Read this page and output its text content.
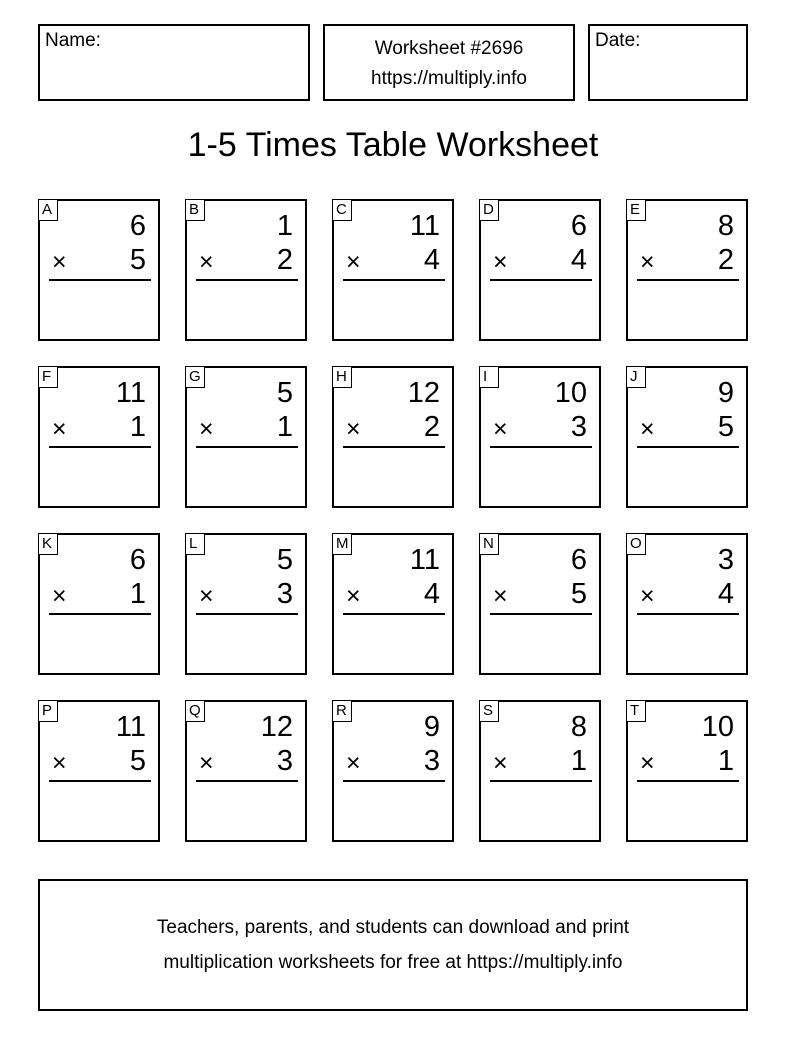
Name:	Worksheet #2696
https://multiply.info
Date:
1-5 Times Table Worksheet
A
6
× 5
B
1
× 2
C
11
× 4
D
6
× 4
E
8
× 2
F
11
× 1
G
5
× 1
H
12
× 2
I
10
× 3
J
9
× 5
K
6
× 1
L
5
× 3
M
11
× 4
N
6
× 5
O
3
× 4
P
11
× 5
Q
12
× 3
R
9
× 3
S
8
× 1
T
10
× 1
Teachers, parents, and students can download and print
multiplication worksheets for free at https://multiply.info
